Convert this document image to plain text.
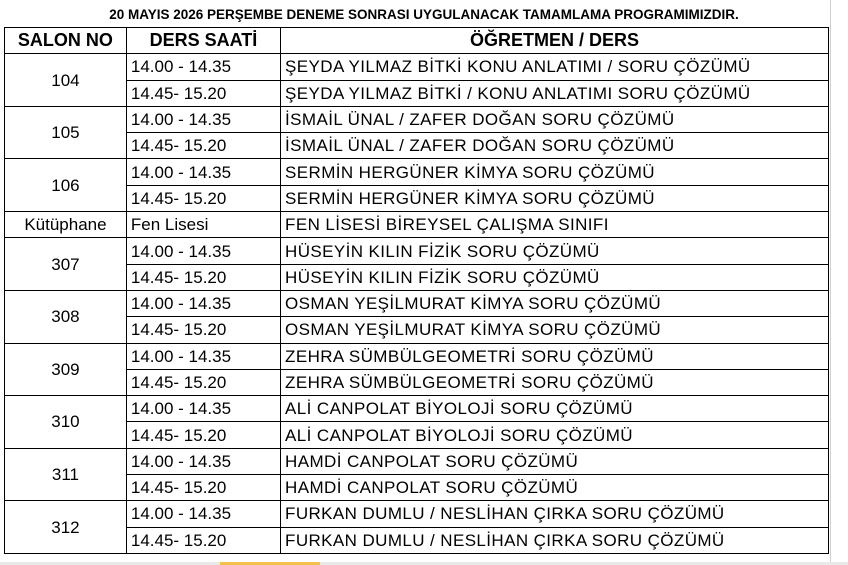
20 MAYIS 2026 PERŞEMBE DENEME SONRASI UYGULANACAK TAMAMLAMA PROGRAMIMIZDIR.
SALON NO	DERS SAATİ	ÖĞRETMEN / DERS
104	14.00 - 14.35	ŞEYDA YILMAZ BİTKİ KONU ANLATIMI / SORU ÇÖZÜMÜ
	14.45- 15.20	ŞEYDA YILMAZ BİTKİ / KONU ANLATIMI SORU ÇÖZÜMÜ
105	14.00 - 14.35	İSMAİL ÜNAL / ZAFER DOĞAN SORU ÇÖZÜMÜ
	14.45- 15.20	İSMAİL ÜNAL / ZAFER DOĞAN SORU ÇÖZÜMÜ
106	14.00 - 14.35	SERMİN HERGÜNER KİMYA SORU ÇÖZÜMÜ
	14.45- 15.20	SERMİN HERGÜNER KİMYA SORU ÇÖZÜMÜ
Kütüphane	Fen Lisesi	FEN LİSESİ BİREYSEL ÇALIŞMA SINIFI
307	14.00 - 14.35	HÜSEYİN KILIN FİZİK SORU ÇÖZÜMÜ
	14.45- 15.20	HÜSEYİN KILIN FİZİK SORU ÇÖZÜMÜ
308	14.00 - 14.35	OSMAN YEŞİLMURAT KİMYA SORU ÇÖZÜMÜ
	14.45- 15.20	OSMAN YEŞİLMURAT KİMYA SORU ÇÖZÜMÜ
309	14.00 - 14.35	ZEHRA SÜMBÜLGEOMETRİ SORU ÇÖZÜMÜ
	14.45- 15.20	ZEHRA SÜMBÜLGEOMETRİ SORU ÇÖZÜMÜ
310	14.00 - 14.35	ALİ CANPOLAT BİYOLOJİ SORU ÇÖZÜMÜ
	14.45- 15.20	ALİ CANPOLAT BİYOLOJİ SORU ÇÖZÜMÜ
311	14.00 - 14.35	HAMDİ CANPOLAT SORU ÇÖZÜMÜ
	14.45- 15.20	HAMDİ CANPOLAT SORU ÇÖZÜMÜ
312	14.00 - 14.35	FURKAN DUMLU / NESLİHAN ÇIRKA SORU ÇÖZÜMÜ
	14.45- 15.20	FURKAN DUMLU / NESLİHAN ÇIRKA SORU ÇÖZÜMÜ
